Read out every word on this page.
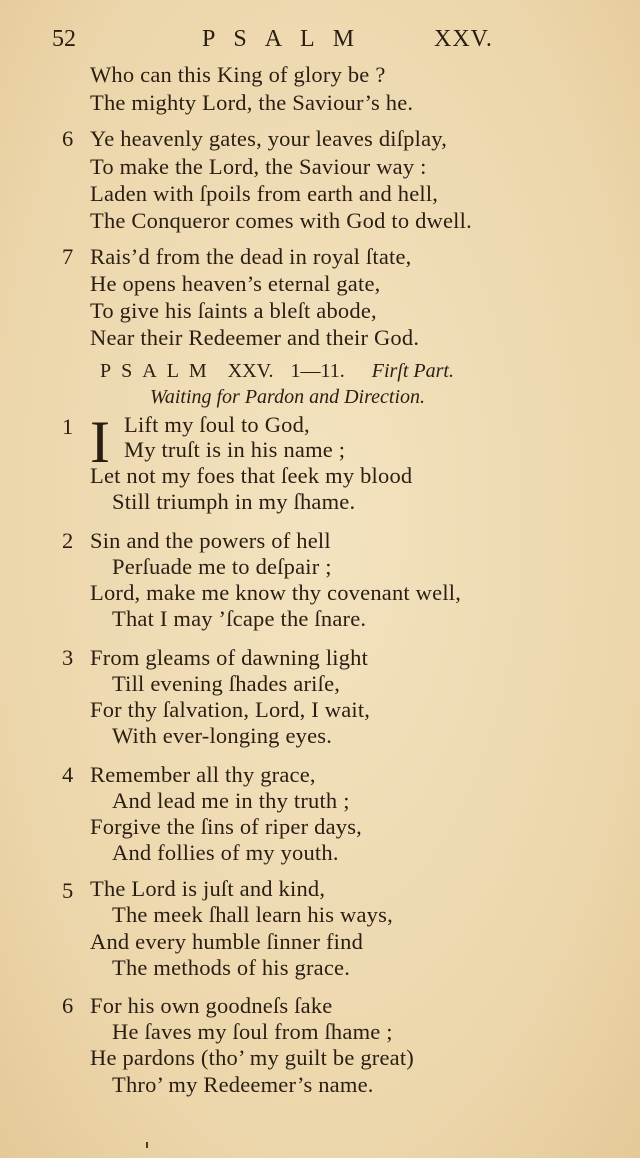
52	PSALM	XXV.
Who can this King of glory be ?
The mighty Lord, the Saviour’s he.
6 Ye heavenly gates, your leaves diſplay,
To make the Lord, the Saviour way :
Laden with ſpoils from earth and hell,
The Conqueror comes with God to dwell.
7 Rais’d from the dead in royal ſtate,
He opens heaven’s eternal gate,
To give his ſaints a bleſt abode,
Near their Redeemer and their God.
PSALM XXV. 1—11. Firſt Part.
Waiting for Pardon and Direction.
1 I Lift my ſoul to God,
My truſt is in his name ;
Let not my foes that ſeek my blood
Still triumph in my ſhame.
2 Sin and the powers of hell
Perſuade me to deſpair ;
Lord, make me know thy covenant well,
That I may ’ſcape the ſnare.
3 From gleams of dawning light
Till evening ſhades ariſe,
For thy ſalvation, Lord, I wait,
With ever-longing eyes.
4 Remember all thy grace,
And lead me in thy truth ;
Forgive the ſins of riper days,
And follies of my youth.
5 The Lord is juſt and kind,
The meek ſhall learn his ways,
And every humble ſinner find
The methods of his grace.
6 For his own goodneſs ſake
He ſaves my ſoul from ſhame ;
He pardons (tho’ my guilt be great)
Thro’ my Redeemer’s name.
